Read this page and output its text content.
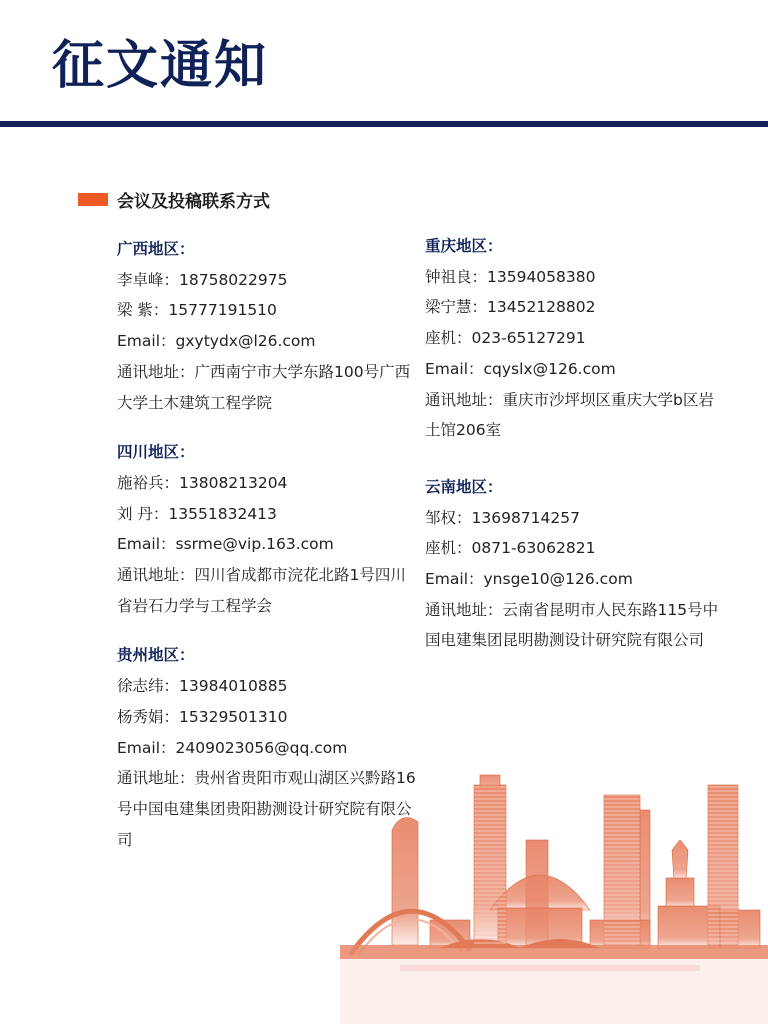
征文通知
会议及投稿联系方式
广西地区：
李卓峰：18758022975
梁 紫：15777191510
Email：gxytydx@l26.com
通讯地址：广西南宁市大学东路100号广西大学土木建筑工程学院
四川地区：
施裕兵：13808213204
刘 丹：13551832413
Email：ssrme@vip.163.com
通讯地址：四川省成都市浣花北路1号四川省岩石力学与工程学会
贵州地区：
徐志纬：13984010885
杨秀娟：15329501310
Email：2409023056@qq.com
通讯地址：贵州省贵阳市观山湖区兴黔路16号中国电建集团贵阳勘测设计研究院有限公司
重庆地区：
钟祖良：13594058380
梁宁慧：13452128802
座机：023-65127291
Email：cqyslx@126.com
通讯地址：重庆市沙坪坝区重庆大学b区岩土馆206室
云南地区：
邹权：13698714257
座机：0871-63062821
Email：ynsge10@126.com
通讯地址：云南省昆明市人民东路115号中国电建集团昆明勘测设计研究院有限公司
